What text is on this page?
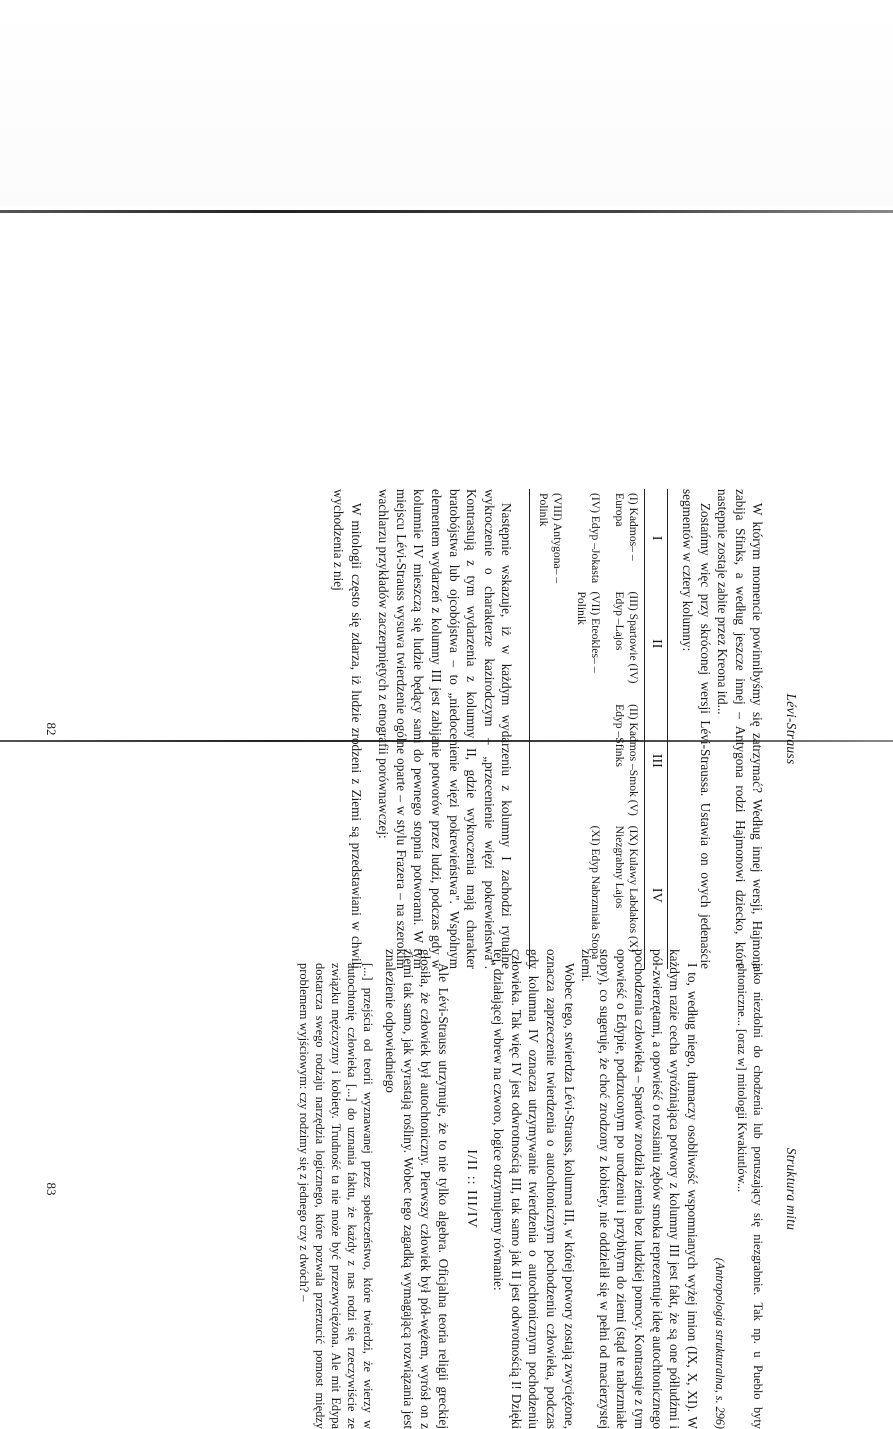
Lévi-Strauss

W którym momencie powinnibyśmy się zatrzymać? Według innej wersji, Hajmona zabija Sfinks, a według jeszcze innej – Antygona rodzi Hajmonowi dziecko, które następnie zostaje zabite przez Kreona itd...

Zostańmy więc przy skróconej wersji Lévi-Straussa. Ustawia on owych jedenaście segmentów w cztery kolumny:

I	II	III	IV
(I) Kadmos– –Europa	(III) Spartowie (IV) Edyp –Lajos	(II) Kadmos –Smok (V) Edyp –Sfinks	(IX) Kulawy Labdakos (X) Niezgrabny Lajos
(IV) Edyp –Jokasta	(VII) Eteokles– –Polinik		(XI) Edyp Nabrzmiała Stopa
(VIII) Antygona– –Polinik			

Następnie wskazuje, iż w każdym wydarzeniu z kolumny I zachodzi rytualne wykroczenie o charakterze kazirodczym – „przecenienie więzi pokrewieństwa". Kontrastują z tym wydarzenia z kolumny II, gdzie wykroczenia mają charakter bratobójstwa lub ojcobójstwa – to „niedocenienie więzi pokrewieństwa". Wspólnym elementem wydarzeń z kolumny III jest zabijanie potworów przez ludzi, podczas gdy w kolumnie IV mieszczą się ludzie będący sami do pewnego stopnia potworami. W tym miejscu Lévi-Strauss wysuwa twierdzenie ogólne oparte – w stylu Frazera – na szerokim wachlarzu przykładów zaczerpniętych z etnografii porównawczej:

W mitologii często się zdarza, iż ludzie zrodzeni z Ziemi są przedstawiani w chwili wychodzenia z niej

82
Struktura mitu
jako niezdolni do chodzenia lub poruszający się niezgrabnie. Tak np. u Pueblo byty chtoniczne... [oraz w] mitologii Kwakiutlów...
(Antropologia strukturalna, s. 296)

I to, według niego, tłumaczy osobliwość wspomnianych wyżej imion (IX, X, XI). W każdym razie cecha wyróżniająca potwory z kolumny III jest fakt, że są one półludźmi i pół-zwierzętami, a opowieść o rozsianiu zębów smoka reprezentuje ideę autochtonicznego pochodzenia człowieka – Spartów zrodziła ziemia bez ludzkiej pomocy. Kontrastuje z tym opowieść o Edypie, podrzuconym po urodzeniu i przybitym do ziemi (stąd te nabrzmiałe stopy), co sugeruje, że choć zrodzony z kobiety, nie oddzielił się w pełni od macierzystej ziemi.

Wobec tego, stwierdza Lévi-Strauss, kolumna III, w której potwory zostają zwyciężone, oznacza zaprzeczenie twierdzenia o autochtonicznym pochodzeniu człowieka, podczas gdy kolumna IV oznacza utrzymywanie twierdzenia o autochtonicznym pochodzeniu człowieka. Tak więc IV jest odwrotnością III, tak samo jak II jest odwrotnością I! Dzięki tej, działającej wbrew na czworo, logice otrzymujemy równanie:

I/II :: III/IV

Ale Lévi-Strauss utrzymuje, że to nie tylko algebra. Oficjalna teoria religii greckiej głosiła, że człowiek był autochtoniczny. Pierwszy człowiek był pół-wężem, wyrósł on z ziemi tak samo, jak wyrastają rośliny. Wobec tego zagadką wymagającą rozwiązania jest znalezienie odpowiedniego

[...] przejścia od teorii wyznawanej przez społeczeństwo, które twierdzi, że wierzy w autochtonię człowieka [...] do uznania faktu, że każdy z nas rodzi się rzeczywiście ze związku mężczyzny i kobiety. Trudność ta nie może być przezwyciężona. Ale mit Edypa dostarcza swego rodzaju narzędzia logicznego, które pozwala przerzucić pomost między problemem wyjściowym: czy rodzimy się z jednego czy z dwóch? –
83
